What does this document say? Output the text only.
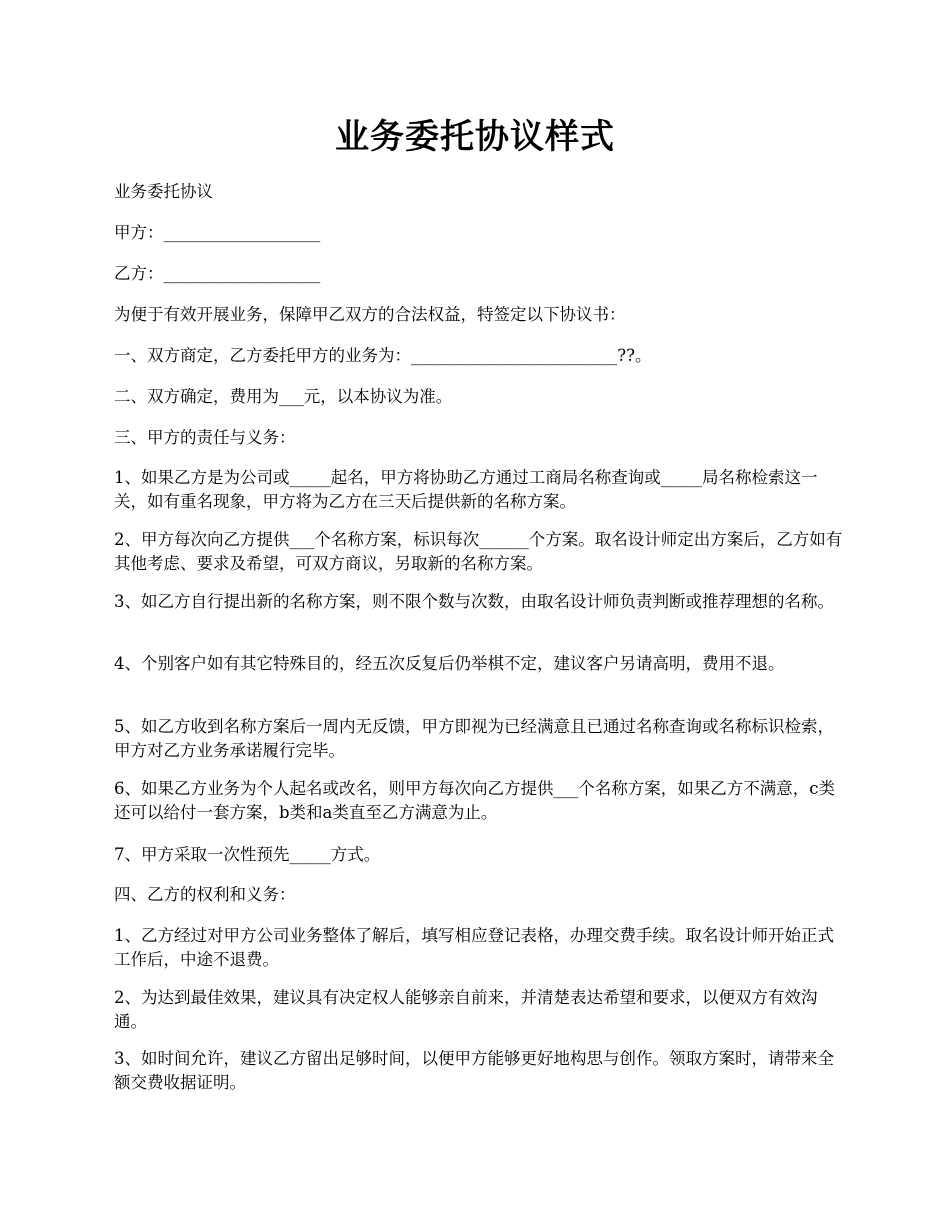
业务委托协议样式

业务委托协议

甲方：___________________

乙方：___________________

为便于有效开展业务，保障甲乙双方的合法权益，特签定以下协议书：

一、双方商定，乙方委托甲方的业务为：_________________________??。

二、双方确定，费用为___元，以本协议为准。

三、甲方的责任与义务：

1、如果乙方是为公司或_____起名，甲方将协助乙方通过工商局名称查询或_____局名称检索这一关，如有重名现象，甲方将为乙方在三天后提供新的名称方案。

2、甲方每次向乙方提供___个名称方案，标识每次______个方案。取名设计师定出方案后，乙方如有其他考虑、要求及希望，可双方商议，另取新的名称方案。

3、如乙方自行提出新的名称方案，则不限个数与次数，由取名设计师负责判断或推荐理想的名称。

4、个别客户如有其它特殊目的，经五次反复后仍举棋不定，建议客户另请高明，费用不退。

5、如乙方收到名称方案后一周内无反馈，甲方即视为已经满意且已通过名称查询或名称标识检索，甲方对乙方业务承诺履行完毕。

6、如果乙方业务为个人起名或改名，则甲方每次向乙方提供___个名称方案，如果乙方不满意，c类还可以给付一套方案，b类和a类直至乙方满意为止。

7、甲方采取一次性预先_____方式。

四、乙方的权利和义务：

1、乙方经过对甲方公司业务整体了解后，填写相应登记表格，办理交费手续。取名设计师开始正式工作后，中途不退费。

2、为达到最佳效果，建议具有决定权人能够亲自前来，并清楚表达希望和要求，以便双方有效沟通。

3、如时间允许，建议乙方留出足够时间，以便甲方能够更好地构思与创作。领取方案时，请带来全额交费收据证明。
